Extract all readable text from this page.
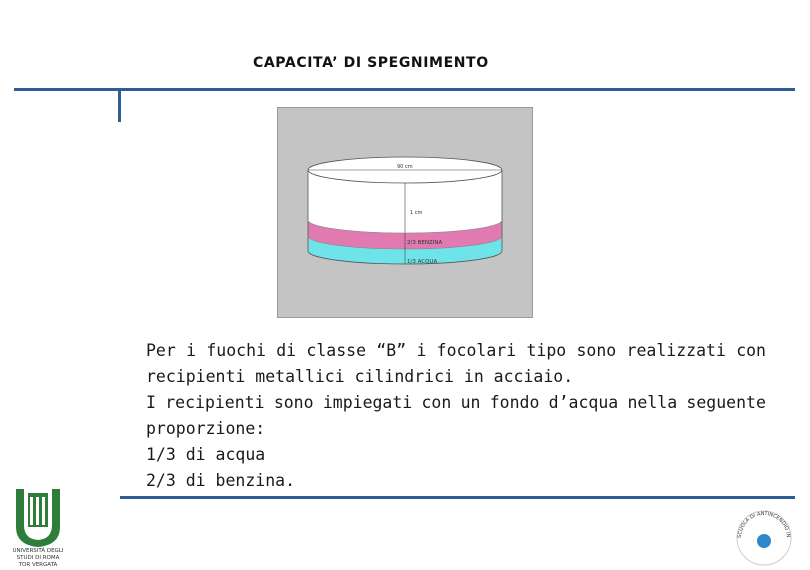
CAPACITA’ DI SPEGNIMENTO
90 cm
1 cm
2/3 BENZINA
1/3 ACQUA
Per i fuochi di classe “B” i focolari tipo sono realizzati con
recipienti metallici cilindrici in acciaio.
I recipienti sono impiegati con un fondo d’acqua nella seguente
proporzione:
1/3 di acqua
2/3 di benzina.
UNIVERSITÀ DEGLI STUDI DI ROMA TOR VERGATA
SCUOLA DI ANTINCENDIO IN
